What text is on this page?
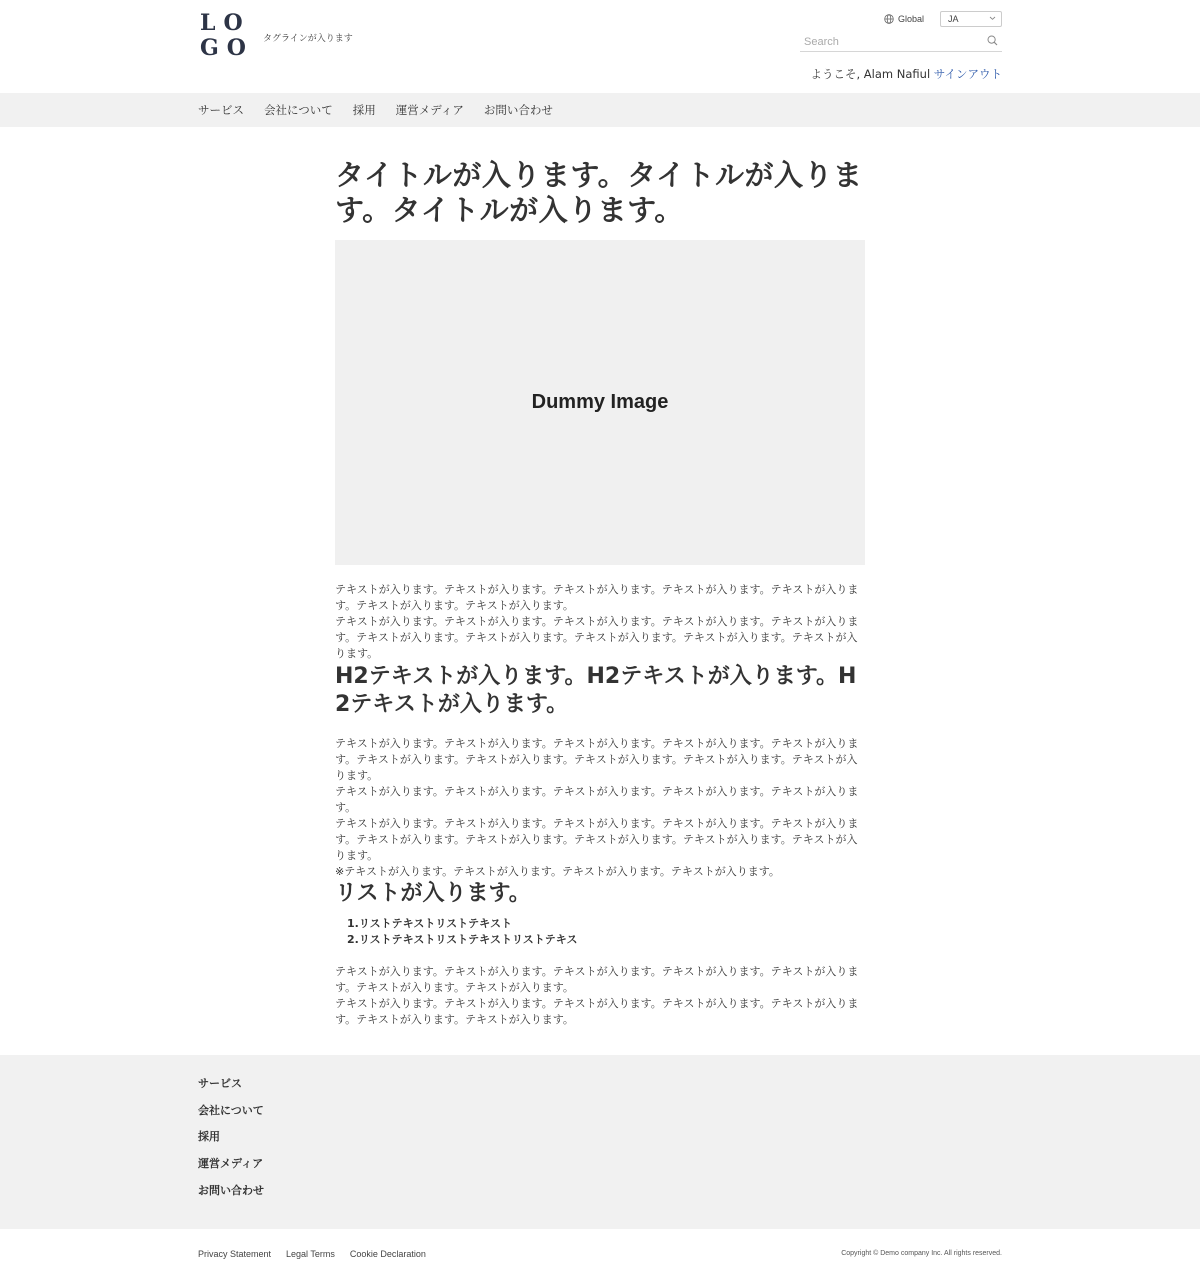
LO
GO タグラインが入ります
Global	JA
Search
ようこそ, Alam Nafiul サインアウト
サービス 会社について 採用 運営メディア お問い合わせ
タイトルが入ります。タイトルが入ります。タイトルが入ります。
Dummy Image

テキストが入ります。テキストが入ります。テキストが入ります。テキストが入ります。テキストが入ります。テキストが入ります。テキストが入ります。

テキストが入ります。テキストが入ります。テキストが入ります。テキストが入ります。テキストが入ります。テキストが入ります。テキストが入ります。テキストが入ります。テキストが入ります。テキストが入ります。

H2テキストが入ります。H2テキストが入ります。H2テキストが入ります。

テキストが入ります。テキストが入ります。テキストが入ります。テキストが入ります。テキストが入ります。テキストが入ります。テキストが入ります。テキストが入ります。テキストが入ります。テキストが入ります。

テキストが入ります。テキストが入ります。テキストが入ります。テキストが入ります。テキストが入ります。

テキストが入ります。テキストが入ります。テキストが入ります。テキストが入ります。テキストが入ります。テキストが入ります。テキストが入ります。テキストが入ります。テキストが入ります。テキストが入ります。

※テキストが入ります。テキストが入ります。テキストが入ります。テキストが入ります。

リストが入ります。
1.リストテキストリストテキスト
2.リストテキストリストテキストリストテキス

テキストが入ります。テキストが入ります。テキストが入ります。テキストが入ります。テキストが入ります。テキストが入ります。テキストが入ります。

テキストが入ります。テキストが入ります。テキストが入ります。テキストが入ります。テキストが入ります。テキストが入ります。テキストが入ります。

サービス
会社について
採用
運営メディア
お問い合わせ
Privacy Statement Legal Terms Cookie Declaration	Copyright © Demo company Inc. All rights reserved.
